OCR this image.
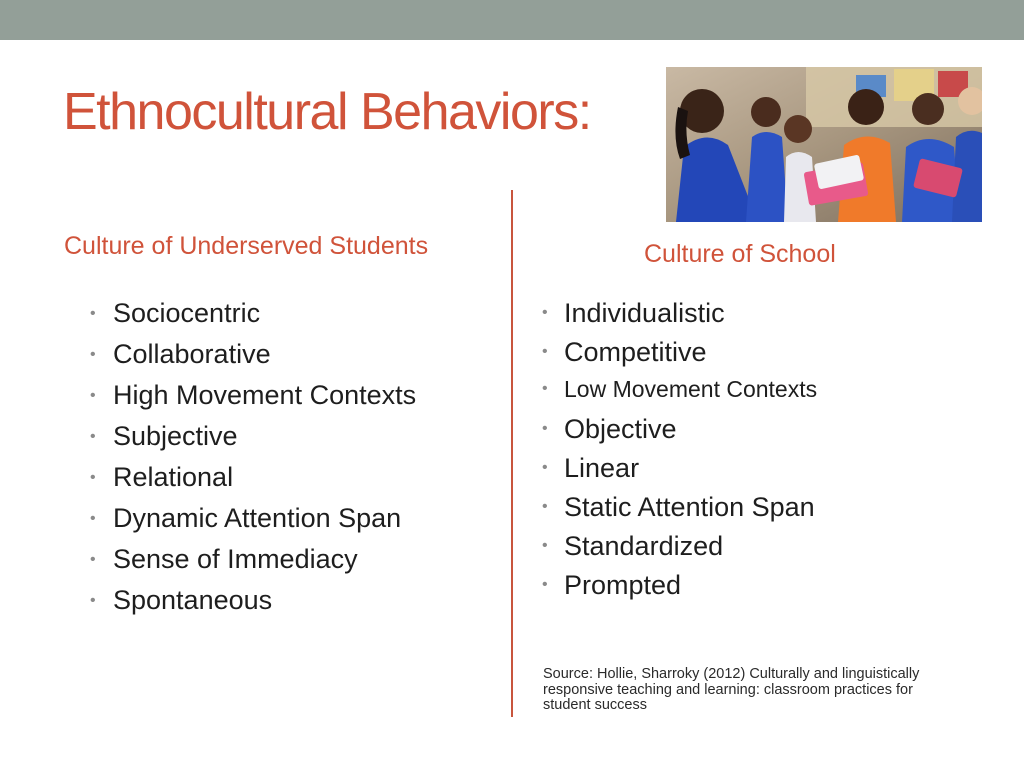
Ethnocultural Behaviors:
Culture of Underserved Students	Culture of School
• Sociocentric
• Collaborative
• High Movement Contexts
• Subjective
• Relational
• Dynamic Attention Span
• Sense of Immediacy
• Spontaneous
• Individualistic
• Competitive
• Low Movement Contexts
• Objective
• Linear
• Static Attention Span
• Standardized
• Prompted
Source: Hollie, Sharroky (2012) Culturally and linguistically responsive teaching and learning: classroom practices for student success
